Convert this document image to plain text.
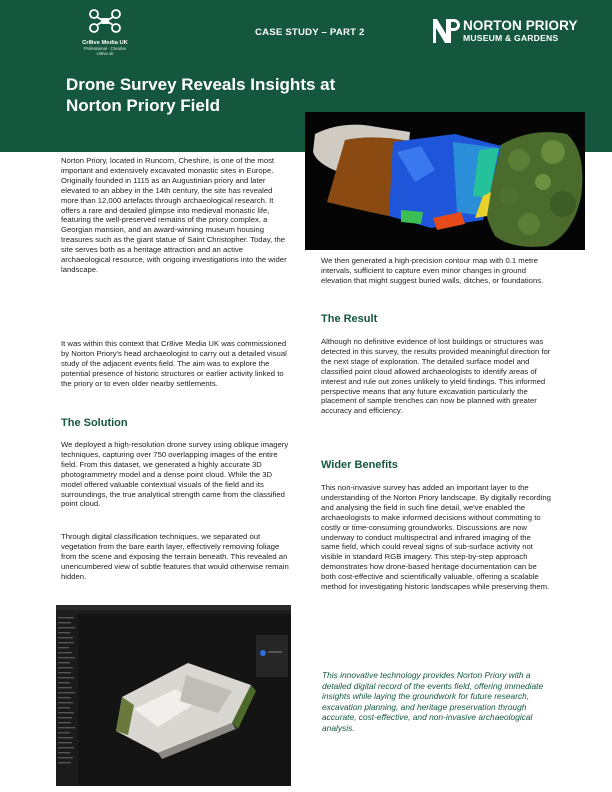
Cr8ive Media UK
Professional · Creative
cr8ive.uk
CASE STUDY – PART 2	NORTON PRIORY
MUSEUM & GARDENS
Drone Survey Reveals Insights at Norton Priory Field

Norton Priory, located in Runcorn, Cheshire, is one of the most important and extensively excavated monastic sites in Europe. Originally founded in 1115 as an Augustinian priory and later elevated to an abbey in the 14th century, the site has revealed more than 12,000 artefacts through archaeological research. It offers a rare and detailed glimpse into medieval monastic life, featuring the well-preserved remains of the priory complex, a Georgian mansion, and an award-winning museum housing treasures such as the giant statue of Saint Christopher. Today, the site serves both as a heritage attraction and an active archaeological resource, with ongoing investigations into the wider landscape.

It was within this context that Cr8ive Media UK was commissioned by Norton Priory's head archaeologist to carry out a detailed visual study of the adjacent events field. The aim was to explore the potential presence of historic structures or earlier activity linked to the priory or to even older nearby settlements.

The Solution

We deployed a high-resolution drone survey using oblique imagery techniques, capturing over 750 overlapping images of the entire field. From this dataset, we generated a highly accurate 3D photogrammetry model and a dense point cloud. While the 3D model offered valuable contextual visuals of the field and its surroundings, the true analytical strength came from the classified point cloud.

Through digital classification techniques, we separated out vegetation from the bare earth layer, effectively removing foliage from the scene and exposing the terrain beneath. This revealed an unencumbered view of subtle features that would otherwise remain hidden.

We then generated a high-precision contour map with 0.1 metre intervals, sufficient to capture even minor changes in ground elevation that might suggest buried walls, ditches, or foundations.

The Result

Although no definitive evidence of lost buildings or structures was detected in this survey, the results provided meaningful direction for the next stage of exploration. The detailed surface model and classified point cloud allowed archaeologists to identify areas of interest and rule out zones unlikely to yield findings. This informed perspective means that any future excavation particularly the placement of sample trenches can now be planned with greater accuracy and efficiency.

Wider Benefits

This non-invasive survey has added an important layer to the understanding of the Norton Priory landscape. By digitally recording and analysing the field in such fine detail, we've enabled the archaeologists to make informed decisions without committing to costly or time-consuming groundworks. Discussions are now underway to conduct multispectral and infrared imaging of the same field, which could reveal signs of sub-surface activity not visible in standard RGB imagery. This step-by-step approach demonstrates how drone-based heritage documentation can be both cost-effective and scientifically valuable, offering a scalable method for investigating historic landscapes while preserving them.

This innovative technology provides Norton Priory with a detailed digital record of the events field, offering immediate insights while laying the groundwork for future research, excavation planning, and heritage preservation through accurate, cost-effective, and non-invasive archaeological analysis.
